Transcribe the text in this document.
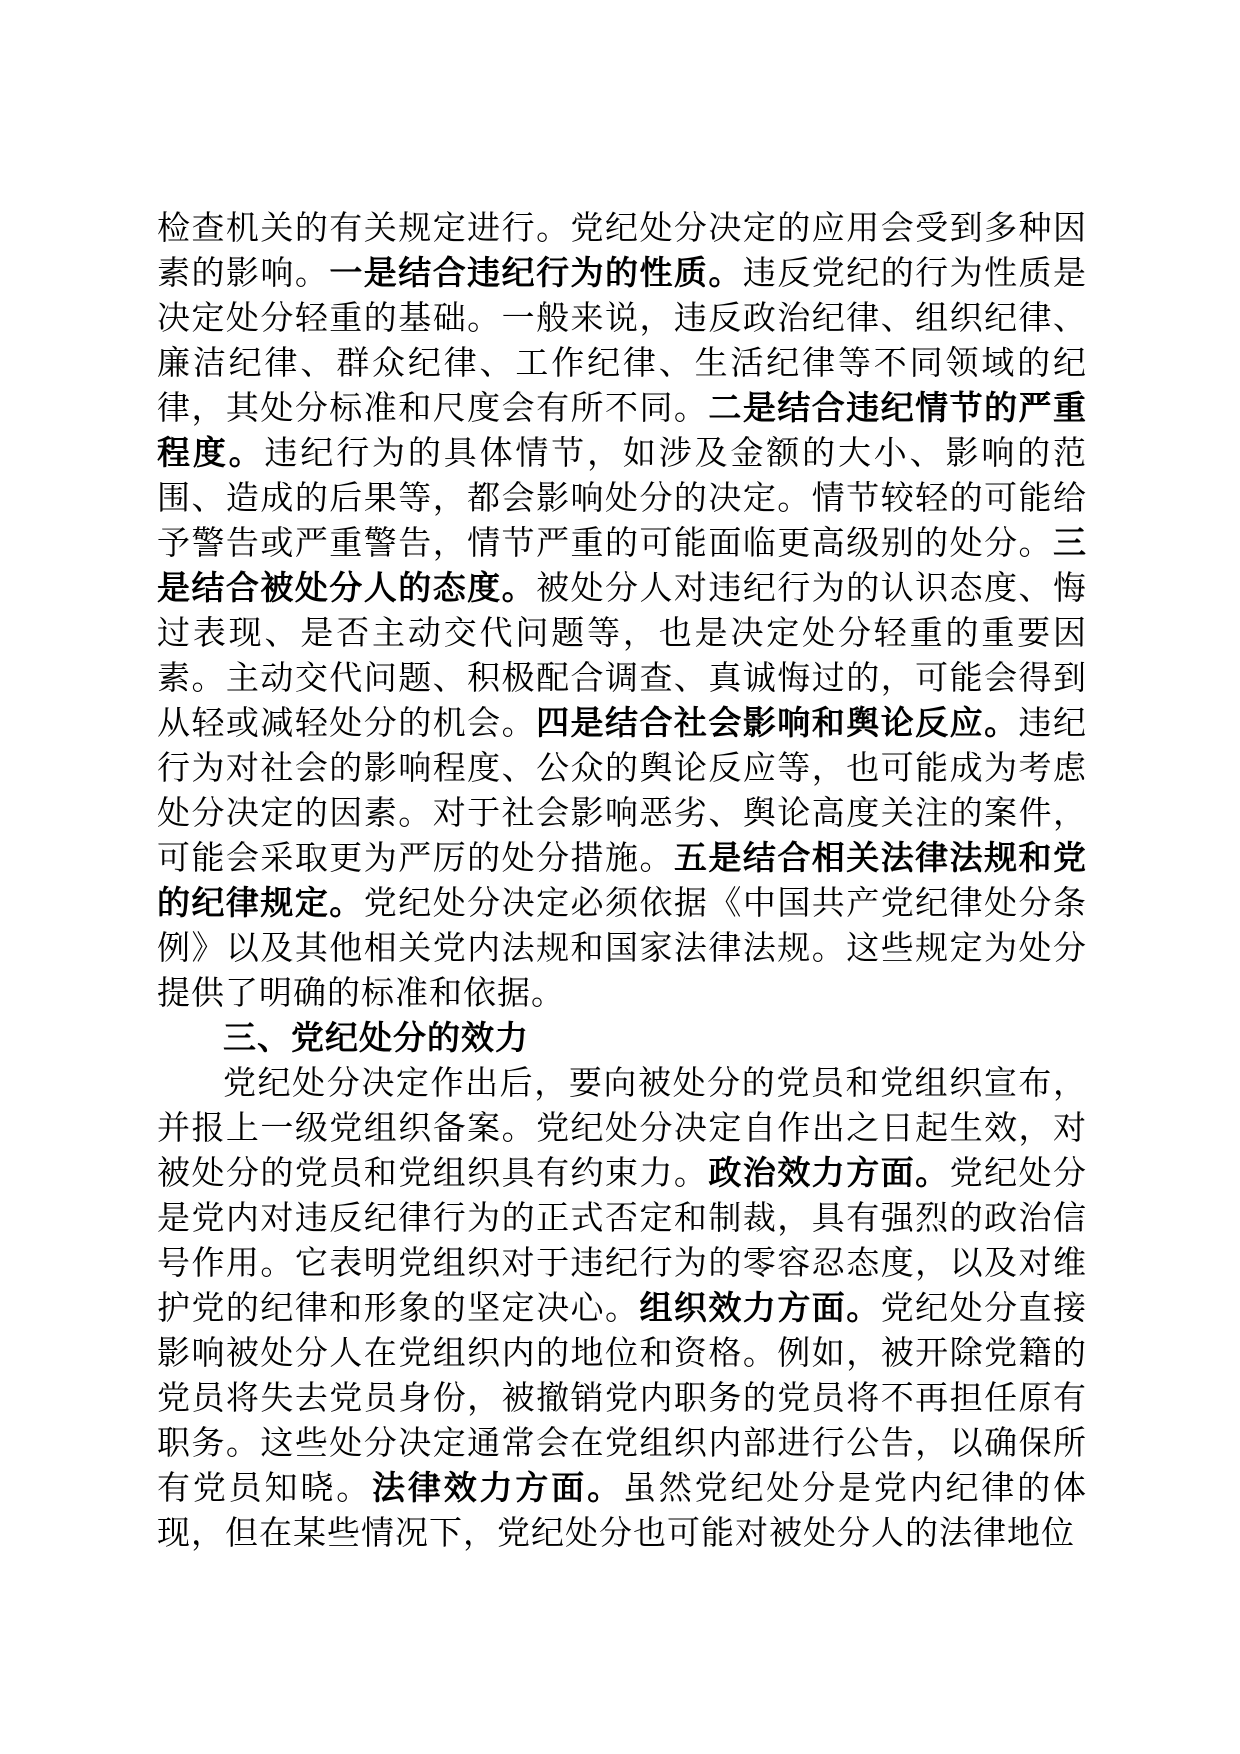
检查机关的有关规定进行。党纪处分决定的应用会受到多种因素的影响。一是结合违纪行为的性质。违反党纪的行为性质是决定处分轻重的基础。一般来说，违反政治纪律、组织纪律、廉洁纪律、群众纪律、工作纪律、生活纪律等不同领域的纪律，其处分标准和尺度会有所不同。二是结合违纪情节的严重程度。违纪行为的具体情节，如涉及金额的大小、影响的范围、造成的后果等，都会影响处分的决定。情节较轻的可能给予警告或严重警告，情节严重的可能面临更高级别的处分。三是结合被处分人的态度。被处分人对违纪行为的认识态度、悔过表现、是否主动交代问题等，也是决定处分轻重的重要因素。主动交代问题、积极配合调查、真诚悔过的，可能会得到从轻或减轻处分的机会。四是结合社会影响和舆论反应。违纪行为对社会的影响程度、公众的舆论反应等，也可能成为考虑处分决定的因素。对于社会影响恶劣、舆论高度关注的案件，可能会采取更为严厉的处分措施。五是结合相关法律法规和党的纪律规定。党纪处分决定必须依据《中国共产党纪律处分条例》以及其他相关党内法规和国家法律法规。这些规定为处分提供了明确的标准和依据。

三、党纪处分的效力

党纪处分决定作出后，要向被处分的党员和党组织宣布，并报上一级党组织备案。党纪处分决定自作出之日起生效，对被处分的党员和党组织具有约束力。政治效力方面。党纪处分是党内对违反纪律行为的正式否定和制裁，具有强烈的政治信号作用。它表明党组织对于违纪行为的零容忍态度，以及对维护党的纪律和形象的坚定决心。组织效力方面。党纪处分直接影响被处分人在党组织内的地位和资格。例如，被开除党籍的党员将失去党员身份，被撤销党内职务的党员将不再担任原有职务。这些处分决定通常会在党组织内部进行公告，以确保所有党员知晓。法律效力方面。虽然党纪处分是党内纪律的体现，但在某些情况下，党纪处分也可能对被处分人的法律地位
